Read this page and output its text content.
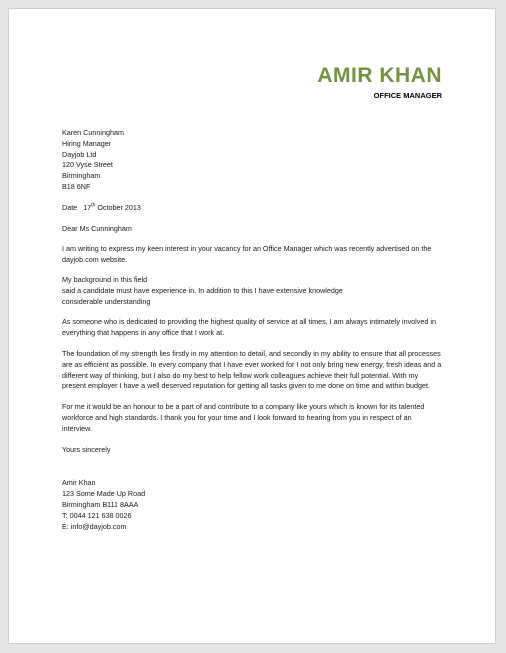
AMIR KHAN
OFFICE MANAGER
Karen Cunningham
Hiring Manager
Dayjob Ltd
120 Vyse Street
Birmingham
B18 6NF
Date 17th October 2013
Dear Ms Cunningham
I am writing to express my keen interest in your vacancy for an Office Manager which was recently advertised on the
dayjob.com website.
My background in this field
said a candidate must have experience in. In addition to this I have extensive knowledge
considerable understanding
As someone who is dedicated to providing the highest quality of service at all times, I am always intimately involved in
everything that happens in any office that I work at.
The foundation of my strength lies firstly in my attention to detail, and secondly in my ability to ensure that all processes
are as efficient as possible. In every company that I have ever worked for I not only bring new energy, fresh ideas and a
different way of thinking, but I also do my best to help fellow work colleagues achieve their full potential. With my
present employer I have a well deserved reputation for getting all tasks given to me done on time and within budget.
For me it would be an honour to be a part of and contribute to a company like yours which is known for its talented
workforce and high standards. I thank you for your time and I look forward to hearing from you in respect of an
interview.
Yours sincerely
Amir Khan
123 Some Made Up Road
Birmingham B111 8AAA
T: 0044 121 638 0026
E: info@dayjob.com
